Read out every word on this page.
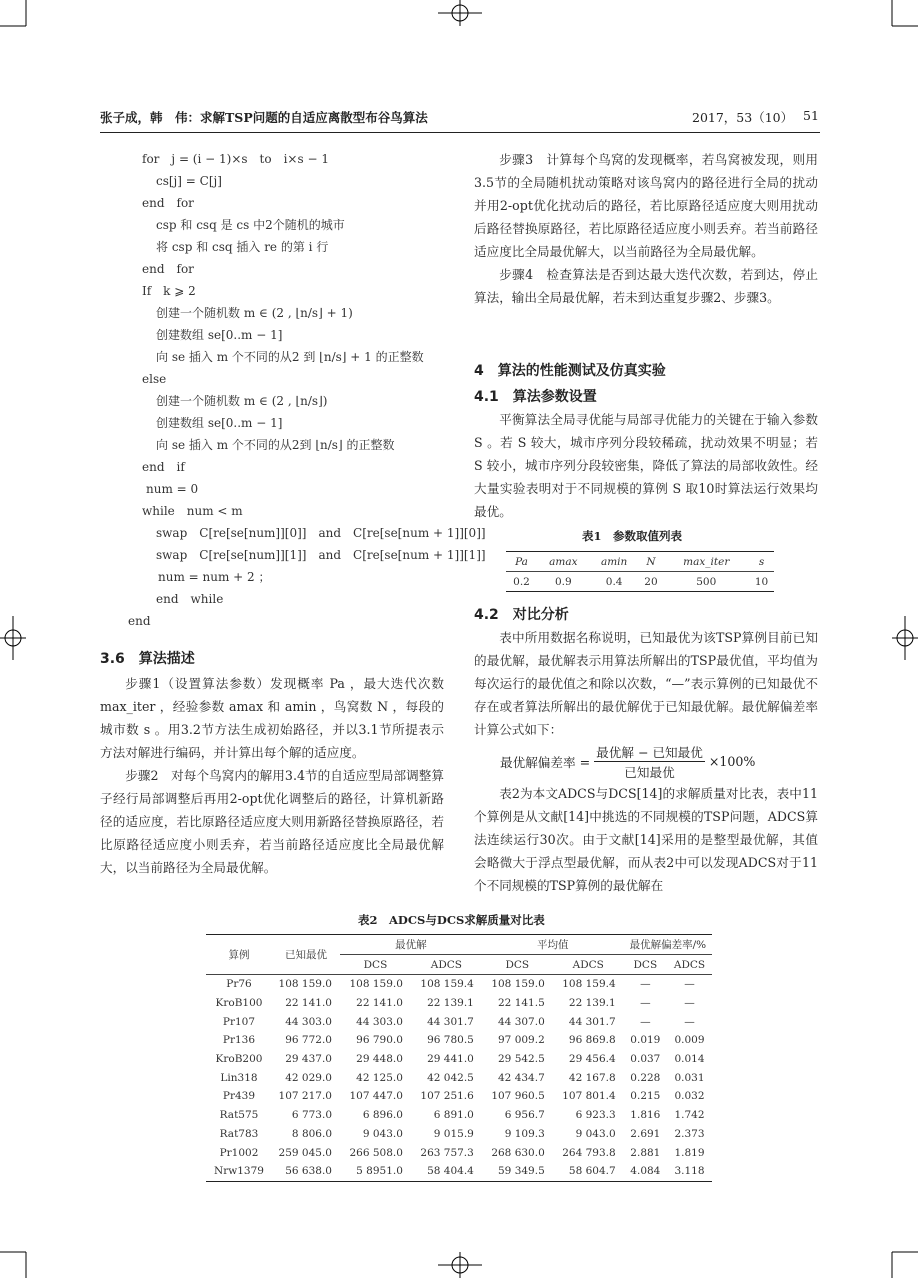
张子成，韩　伟：求解TSP问题的自适应离散型布谷鸟算法	2017，53（10） 51
for　j = (i − 1)×s　to　i×s − 1
cs[j] = C[j]
end　for
csp 和 csq 是 cs 中2个随机的城市
将 csp 和 csq 插入 re 的第 i 行
end　for
If　k ⩾ 2
创建一个随机数 m ∈ (2 , ⌊n/s⌋ + 1)
创建数组 se[0..m − 1]
向 se 插入 m 个不同的从2 到 ⌊n/s⌋ + 1 的正整数
else
创建一个随机数 m ∈ (2 , ⌊n/s⌋)
创建数组 se[0..m − 1]
向 se 插入 m 个不同的从2到 ⌊n/s⌋ 的正整数
end　if
num = 0
while　num < m
swap　C[re[se[num]][0]]　and　C[re[se[num + 1]][0]]
swap　C[re[se[num]][1]]　and　C[re[se[num + 1]][1]]
num = num + 2 ；
end　while
end
3.6　算法描述

步骤1（设置算法参数）发现概率 Pa ，最大迭代次数 max_iter ，经验参数 amax 和 amin ，鸟窝数 N ，每段的城市数 s 。用3.2节方法生成初始路径，并以3.1节所提表示方法对解进行编码，并计算出每个解的适应度。

步骤2　对每个鸟窝内的解用3.4节的自适应型局部调整算子经行局部调整后再用2-opt优化调整后的路径，计算机新路径的适应度，若比原路径适应度大则用新路径替换原路径，若比原路径适应度小则丢弃，若当前路径适应度比全局最优解大，以当前路径为全局最优解。

步骤3　计算每个鸟窝的发现概率，若鸟窝被发现，则用3.5节的全局随机扰动策略对该鸟窝内的路径进行全局的扰动并用2-opt优化扰动后的路径，若比原路径适应度大则用扰动后路径替换原路径，若比原路径适应度小则丢弃。若当前路径适应度比全局最优解大，以当前路径为全局最优解。

步骤4　检查算法是否到达最大迭代次数，若到达，停止算法，输出全局最优解，若未到达重复步骤2、步骤3。

4　算法的性能测试及仿真实验
4.1　算法参数设置

平衡算法全局寻优能与局部寻优能力的关键在于输入参数 S 。若 S 较大，城市序列分段较稀疏，扰动效果不明显；若 S 较小，城市序列分段较密集，降低了算法的局部收敛性。经大量实验表明对于不同规模的算例 S 取10时算法运行效果均最优。

表1　参数取值列表
Pa	amax	amin	N	max_iter	s
0.2	0.9	0.4	20	500	10
4.2　对比分析

表中所用数据名称说明，已知最优为该TSP算例目前已知的最优解，最优解表示用算法所解出的TSP最优值，平均值为每次运行的最优值之和除以次数，“—”表示算例的已知最优不存在或者算法所解出的最优解优于已知最优解。最优解偏差率计算公式如下：

最优解偏差率 =
最优解 − 已知最优
已知最优
×100%

表2为本文ADCS与DCS[14]的求解质量对比表，表中11个算例是从文献[14]中挑选的不同规模的TSP问题，ADCS算法连续运行30次。由于文献[14]采用的是整型最优解，其值会略微大于浮点型最优解，而从表2中可以发现ADCS对于11个不同规模的TSP算例的最优解在

表2　ADCS与DCS求解质量对比表
算例	已知最优	最优解		平均值		最优解偏差率/%	
		DCS	ADCS	DCS	ADCS	DCS	ADCS
Pr76	108 159.0	108 159.0	108 159.4	108 159.0	108 159.4	—	—
KroB100	22 141.0	22 141.0	22 139.1	22 141.5	22 139.1	—	—
Pr107	44 303.0	44 303.0	44 301.7	44 307.0	44 301.7	—	—
Pr136	96 772.0	96 790.0	96 780.5	97 009.2	96 869.8	0.019	0.009
KroB200	29 437.0	29 448.0	29 441.0	29 542.5	29 456.4	0.037	0.014
Lin318	42 029.0	42 125.0	42 042.5	42 434.7	42 167.8	0.228	0.031
Pr439	107 217.0	107 447.0	107 251.6	107 960.5	107 801.4	0.215	0.032
Rat575	6 773.0	6 896.0	6 891.0	6 956.7	6 923.3	1.816	1.742
Rat783	8 806.0	9 043.0	9 015.9	9 109.3	9 043.0	2.691	2.373
Pr1002	259 045.0	266 508.0	263 757.3	268 630.0	264 793.8	2.881	1.819
Nrw1379	56 638.0	5 8951.0	58 404.4	59 349.5	58 604.7	4.084	3.118
